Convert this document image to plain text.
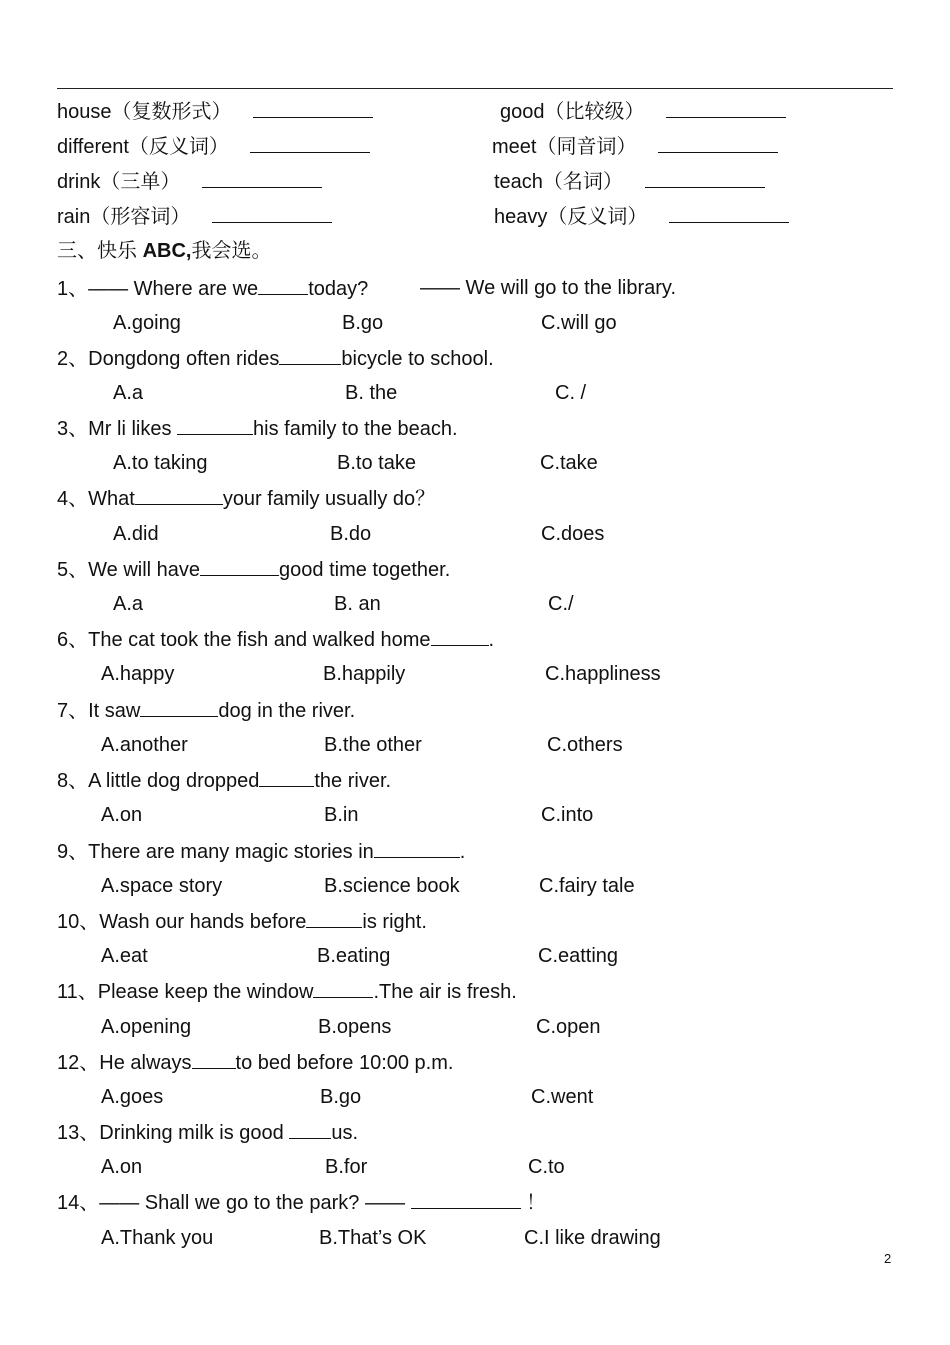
house（复数形式）	good（比较级）
different（反义词）	meet（同音词）
drink（三单）	teach（名词）
rain（形容词）	heavy（反义词）
三、快乐 ABC,我会选。
1、—— Where are we	today?	—— We will go to the library.
A.going	B.go	C.will go
2、Dongdong often rides	bicycle to school.
A.a	B. the	C. /
3、Mr li likes	his family to the beach.
A.to taking	B.to take	C.take
4、What	your family usually do？
A.did	B.do	C.does
5、We will have	good time together.
A.a	B. an	C./
6、The cat took the fish and walked home	.
A.happy	B.happily	C.happliness
7、It saw	dog in the river.
A.another	B.the other	C.others
8、A little dog dropped	the river.
A.on	B.in	C.into
9、There are many magic stories in	.
A.space story	B.science book	C.fairy tale
10、Wash our hands before	is right.
A.eat	B.eating	C.eatting
11、Please keep the window	.The air is fresh.
A.opening	B.opens	C.open
12、He always to bed before 10:00 p.m.
A.goes	B.go	C.went
13、Drinking milk is good us.
A.on	B.for	C.to
14、—— Shall we go to the park? ——	！
A.Thank you	B.That’s OK	C.I like drawing
2
